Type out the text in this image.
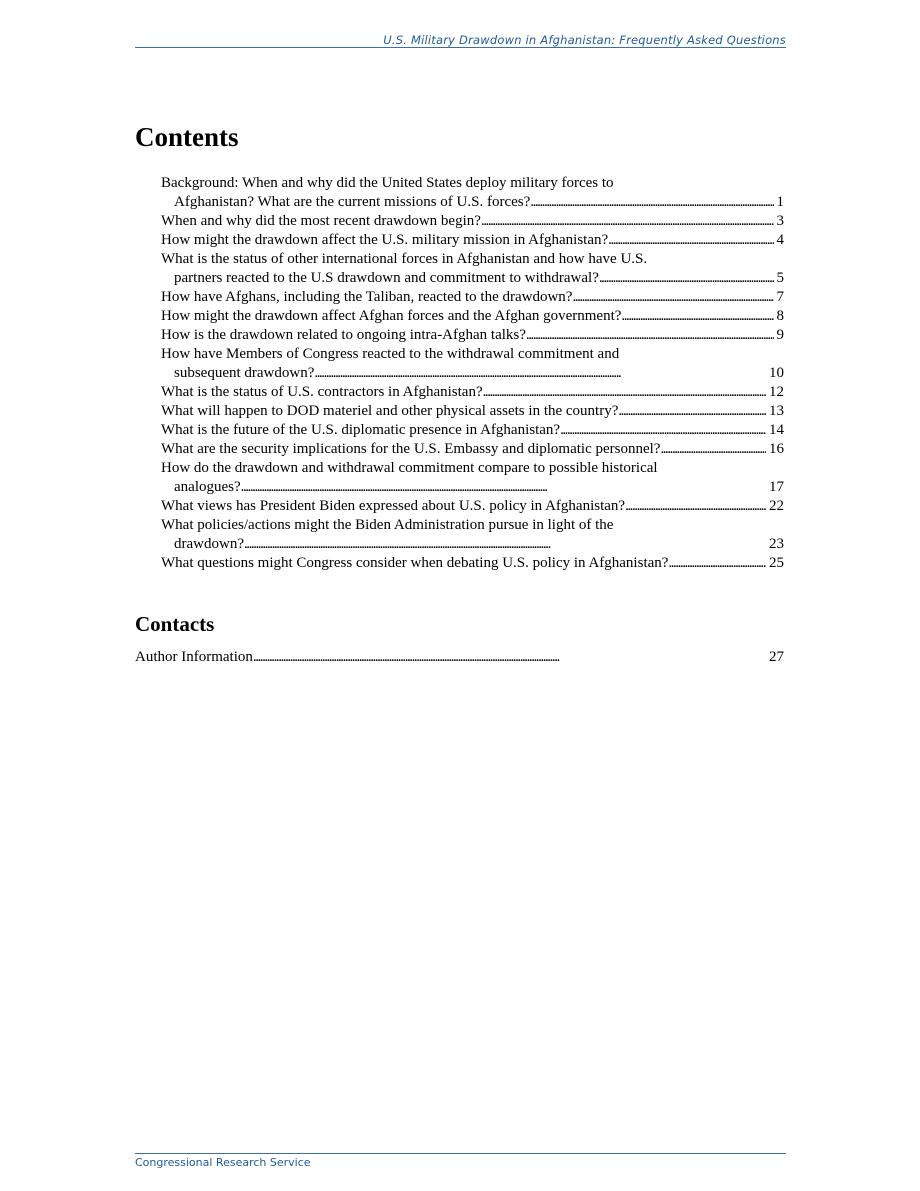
U.S. Military Drawdown in Afghanistan: Frequently Asked Questions
Contents
Background: When and why did the United States deploy military forces to
Afghanistan? What are the current missions of U.S. forces? . . .	1
When and why did the most recent drawdown begin? . . .	3
How might the drawdown affect the U.S. military mission in Afghanistan? . . .	4
What is the status of other international forces in Afghanistan and how have U.S.
partners reacted to the U.S drawdown and commitment to withdrawal? . . .	5
How have Afghans, including the Taliban, reacted to the drawdown? . . .	7
How might the drawdown affect Afghan forces and the Afghan government? . . .	8
How is the drawdown related to ongoing intra-Afghan talks? . . .	9
How have Members of Congress reacted to the withdrawal commitment and
subsequent drawdown? . . .	10
What is the status of U.S. contractors in Afghanistan? . . .	12
What will happen to DOD materiel and other physical assets in the country? . . .	13
What is the future of the U.S. diplomatic presence in Afghanistan? . . .	14
What are the security implications for the U.S. Embassy and diplomatic personnel? . . .	16
How do the drawdown and withdrawal commitment compare to possible historical
analogues? . . .	17
What views has President Biden expressed about U.S. policy in Afghanistan? . . .	22
What policies/actions might the Biden Administration pursue in light of the
drawdown? . . .	23
What questions might Congress consider when debating U.S. policy in Afghanistan? . . .	25
Contacts
Author Information . . .	27
Congressional Research Service
